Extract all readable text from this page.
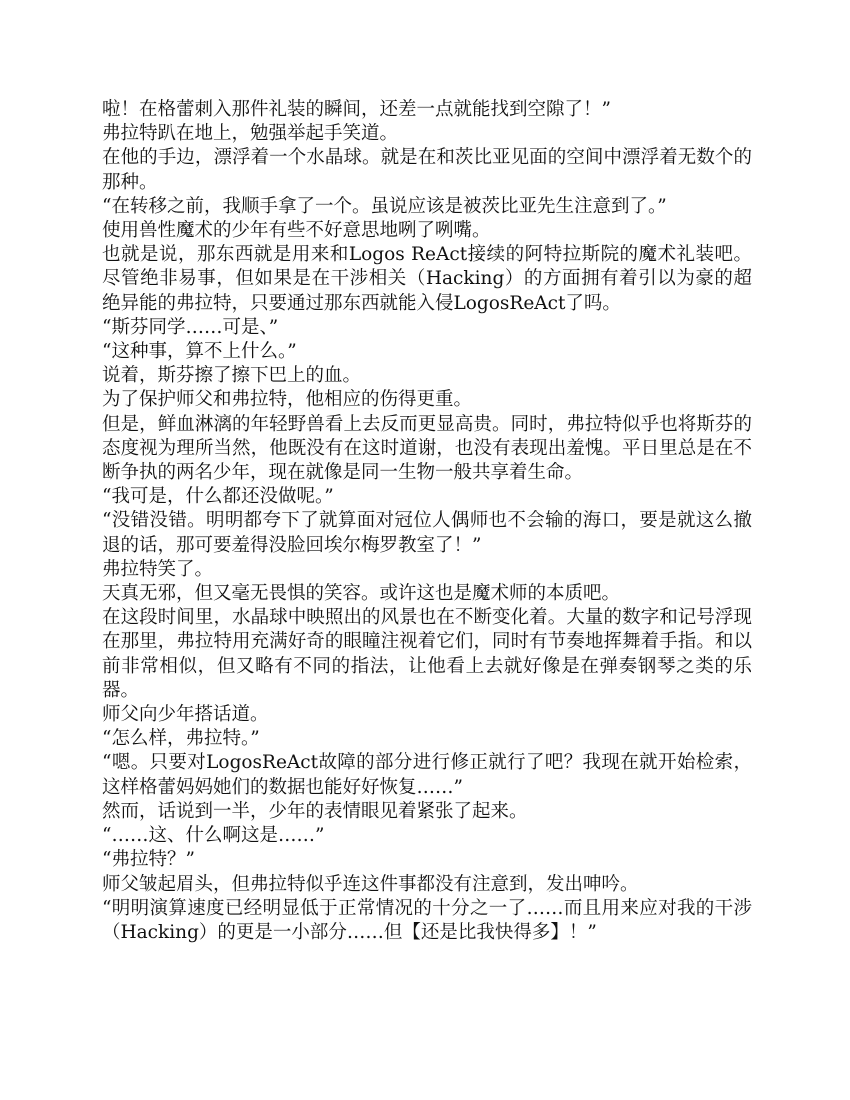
啦！在格蕾刺入那件礼装的瞬间，还差一点就能找到空隙了！”

弗拉特趴在地上，勉强举起手笑道。

在他的手边，漂浮着一个水晶球。就是在和茨比亚见面的空间中漂浮着无数个的那种。

“在转移之前，我顺手拿了一个。虽说应该是被茨比亚先生注意到了。”

使用兽性魔术的少年有些不好意思地咧了咧嘴。

也就是说，那东西就是用来和Logos ReAct接续的阿特拉斯院的魔术礼装吧。尽管绝非易事，但如果是在干涉相关（Hacking）的方面拥有着引以为豪的超绝异能的弗拉特，只要通过那东西就能入侵LogosReAct了吗。

“斯芬同学……可是、”

“这种事，算不上什么。”

说着，斯芬擦了擦下巴上的血。

为了保护师父和弗拉特，他相应的伤得更重。

但是，鲜血淋漓的年轻野兽看上去反而更显高贵。同时，弗拉特似乎也将斯芬的态度视为理所当然，他既没有在这时道谢，也没有表现出羞愧。平日里总是在不断争执的两名少年，现在就像是同一生物一般共享着生命。

“我可是，什么都还没做呢。”

“没错没错。明明都夸下了就算面对冠位人偶师也不会输的海口，要是就这么撤退的话，那可要羞得没脸回埃尔梅罗教室了！”

弗拉特笑了。

天真无邪，但又毫无畏惧的笑容。或许这也是魔术师的本质吧。

在这段时间里，水晶球中映照出的风景也在不断变化着。大量的数字和记号浮现在那里，弗拉特用充满好奇的眼瞳注视着它们，同时有节奏地挥舞着手指。和以前非常相似，但又略有不同的指法，让他看上去就好像是在弹奏钢琴之类的乐器。

师父向少年搭话道。

“怎么样，弗拉特。”

“嗯。只要对LogosReAct故障的部分进行修正就行了吧？我现在就开始检索，这样格蕾妈妈她们的数据也能好好恢复……”

然而，话说到一半，少年的表情眼见着紧张了起来。

“……这、什么啊这是……”

“弗拉特？”

师父皱起眉头，但弗拉特似乎连这件事都没有注意到，发出呻吟。

“明明演算速度已经明显低于正常情况的十分之一了……而且用来应对我的干涉（Hacking）的更是一小部分……但【还是比我快得多】！”
